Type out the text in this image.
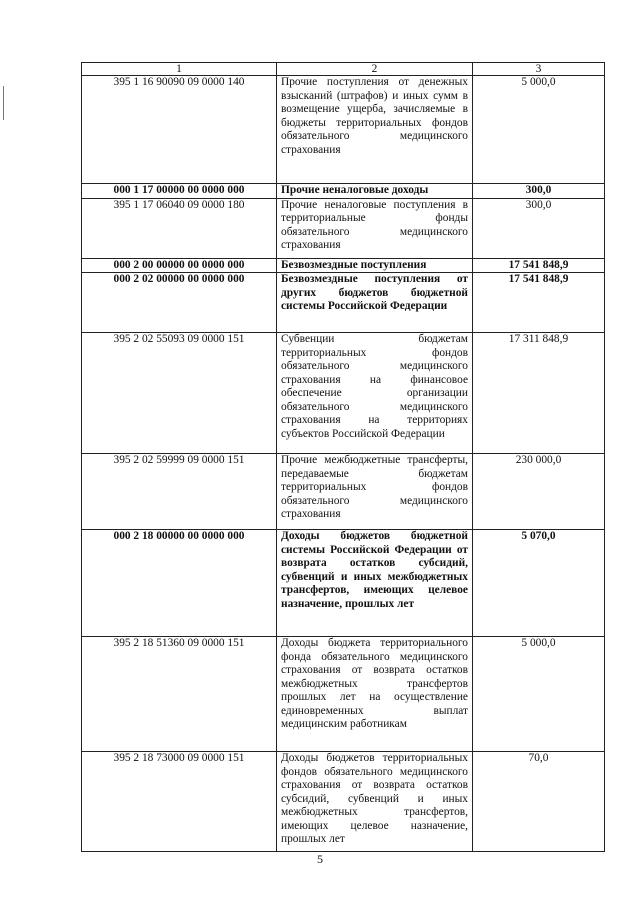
1	2	3
395 1 16 90090 09 0000 140	Прочие поступления от денежных взысканий (штрафов) и иных сумм в возмещение ущерба, зачисляемые в бюджеты территориальных фондов обязательного медицинского страхования	5 000,0
000 1 17 00000 00 0000 000	Прочие неналоговые доходы	300,0
395 1 17 06040 09 0000 180	Прочие неналоговые поступления в территориальные фонды обязательного медицинского страхования	300,0
000 2 00 00000 00 0000 000	Безвозмездные поступления	17 541 848,9
000 2 02 00000 00 0000 000	Безвозмездные поступления от других бюджетов бюджетной системы Российской Федерации	17 541 848,9
395 2 02 55093 09 0000 151	Субвенции бюджетам территориальных фондов обязательного медицинского страхования на финансовое обеспечение организации обязательного медицинского страхования на территориях субъектов Российской Федерации	17 311 848,9
395 2 02 59999 09 0000 151	Прочие межбюджетные трансферты, передаваемые бюджетам территориальных фондов обязательного медицинского страхования	230 000,0
000 2 18 00000 00 0000 000	Доходы бюджетов бюджетной системы Российской Федерации от возврата остатков субсидий, субвенций и иных межбюджетных трансфертов, имеющих целевое назначение, прошлых лет	5 070,0
395 2 18 51360 09 0000 151	Доходы бюджета территориального фонда обязательного медицинского страхования от возврата остатков межбюджетных трансфертов прошлых лет на осуществление единовременных выплат медицинским работникам	5 000,0
395 2 18 73000 09 0000 151	Доходы бюджетов территориальных фондов обязательного медицинского страхования от возврата остатков субсидий, субвенций и иных межбюджетных трансфертов, имеющих целевое назначение, прошлых лет	70,0
5
